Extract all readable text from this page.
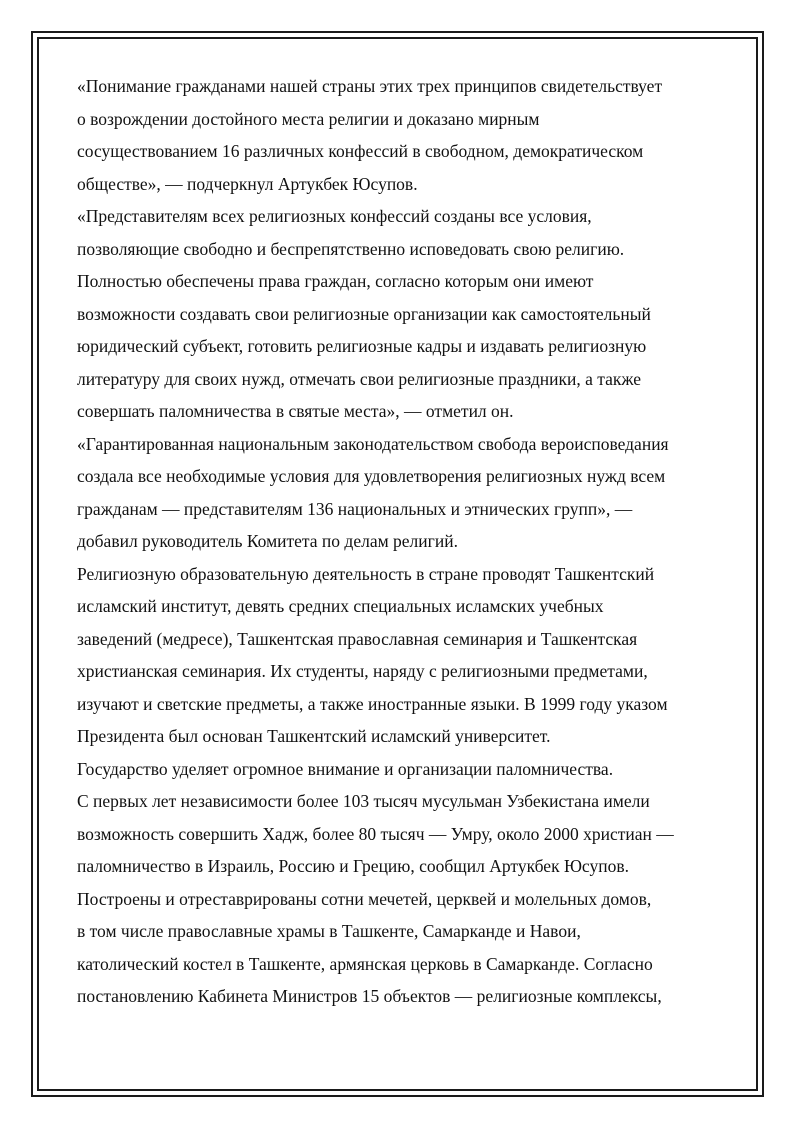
«Понимание гражданами нашей страны этих трех принципов свидетельствует
о возрождении достойного места религии и доказано мирным
сосуществованием 16 различных конфессий в свободном, демократическом
обществе», — подчеркнул Артукбек Юсупов.
«Представителям всех религиозных конфессий созданы все условия,
позволяющие свободно и беспрепятственно исповедовать свою религию.
Полностью обеспечены права граждан, согласно которым они имеют
возможности создавать свои религиозные организации как самостоятельный
юридический субъект, готовить религиозные кадры и издавать религиозную
литературу для своих нужд, отмечать свои религиозные праздники, а также
совершать паломничества в святые места», — отметил он.
«Гарантированная национальным законодательством свобода вероисповедания
создала все необходимые условия для удовлетворения религиозных нужд всем
гражданам — представителям 136 национальных и этнических групп», —
добавил руководитель Комитета по делам религий.
Религиозную образовательную деятельность в стране проводят Ташкентский
исламский институт, девять средних специальных исламских учебных
заведений (медресе), Ташкентская православная семинария и Ташкентская
христианская семинария. Их студенты, наряду с религиозными предметами,
изучают и светские предметы, а также иностранные языки. В 1999 году указом
Президента был основан Ташкентский исламский университет.
Государство уделяет огромное внимание и организации паломничества.
С первых лет независимости более 103 тысяч мусульман Узбекистана имели
возможность совершить Хадж, более 80 тысяч — Умру, около 2000 христиан —
паломничество в Израиль, Россию и Грецию, сообщил Артукбек Юсупов.
Построены и отреставрированы сотни мечетей, церквей и молельных домов,
в том числе православные храмы в Ташкенте, Самарканде и Навои,
католический костел в Ташкенте, армянская церковь в Самарканде. Согласно
постановлению Кабинета Министров 15 объектов — религиозные комплексы,
